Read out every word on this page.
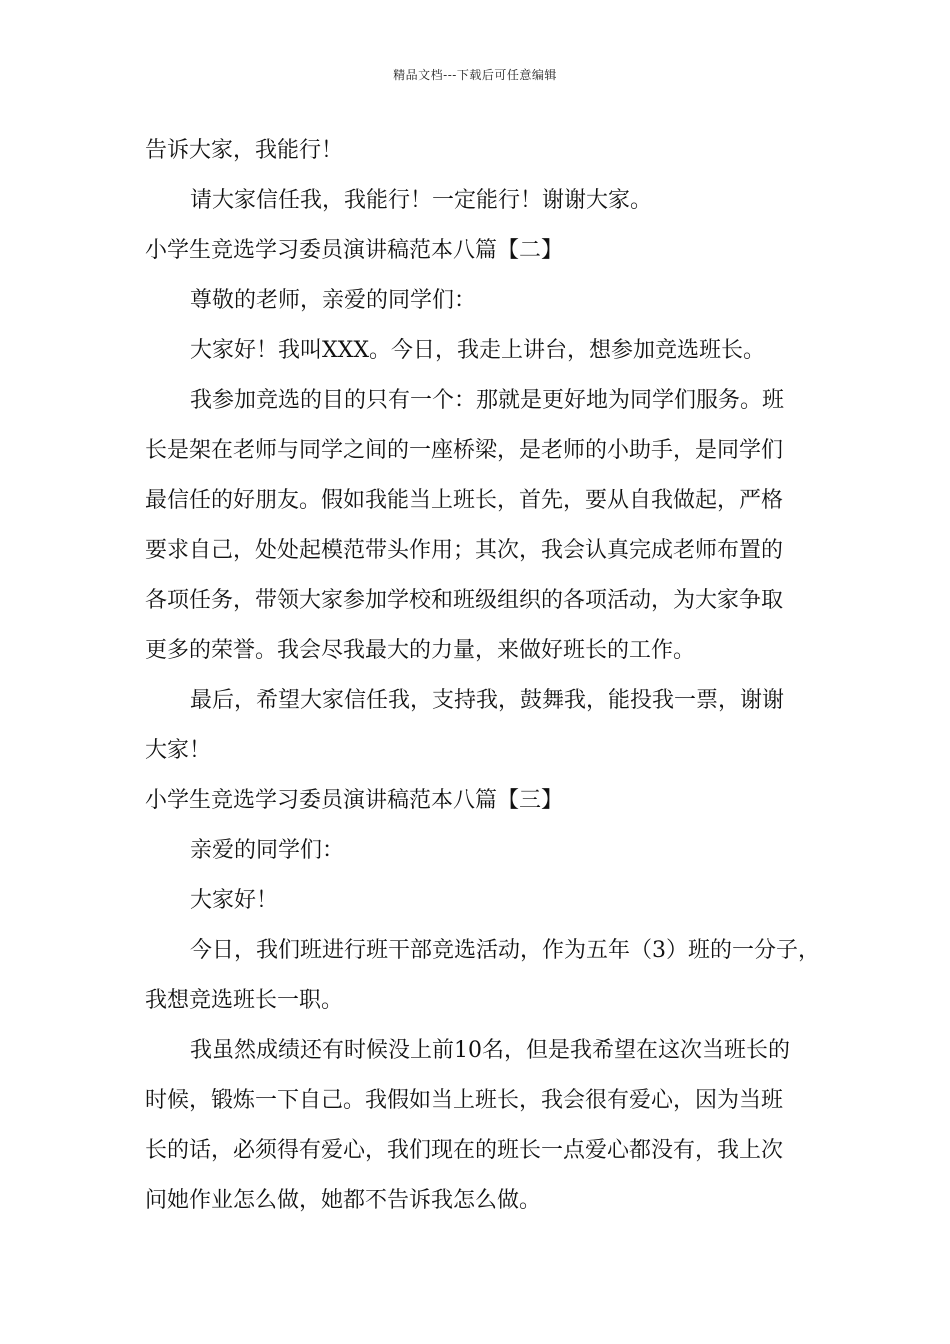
精品文档---下载后可任意编辑
告诉大家，我能行！
请大家信任我，我能行！一定能行！谢谢大家。
小学生竞选学习委员演讲稿范本八篇【二】
尊敬的老师，亲爱的同学们：
大家好！我叫XXX。今日，我走上讲台，想参加竞选班长。
我参加竞选的目的只有一个：那就是更好地为同学们服务。班
长是架在老师与同学之间的一座桥梁，是老师的小助手，是同学们
最信任的好朋友。假如我能当上班长，首先，要从自我做起，严格
要求自己，处处起模范带头作用；其次，我会认真完成老师布置的
各项任务，带领大家参加学校和班级组织的各项活动，为大家争取
更多的荣誉。我会尽我最大的力量，来做好班长的工作。
最后，希望大家信任我，支持我，鼓舞我，能投我一票，谢谢
大家！
小学生竞选学习委员演讲稿范本八篇【三】
亲爱的同学们：
大家好！
今日，我们班进行班干部竞选活动，作为五年（3）班的一分子，
我想竞选班长一职。
我虽然成绩还有时候没上前10名，但是我希望在这次当班长的
时候，锻炼一下自己。我假如当上班长，我会很有爱心，因为当班
长的话，必须得有爱心，我们现在的班长一点爱心都没有，我上次
问她作业怎么做，她都不告诉我怎么做。
